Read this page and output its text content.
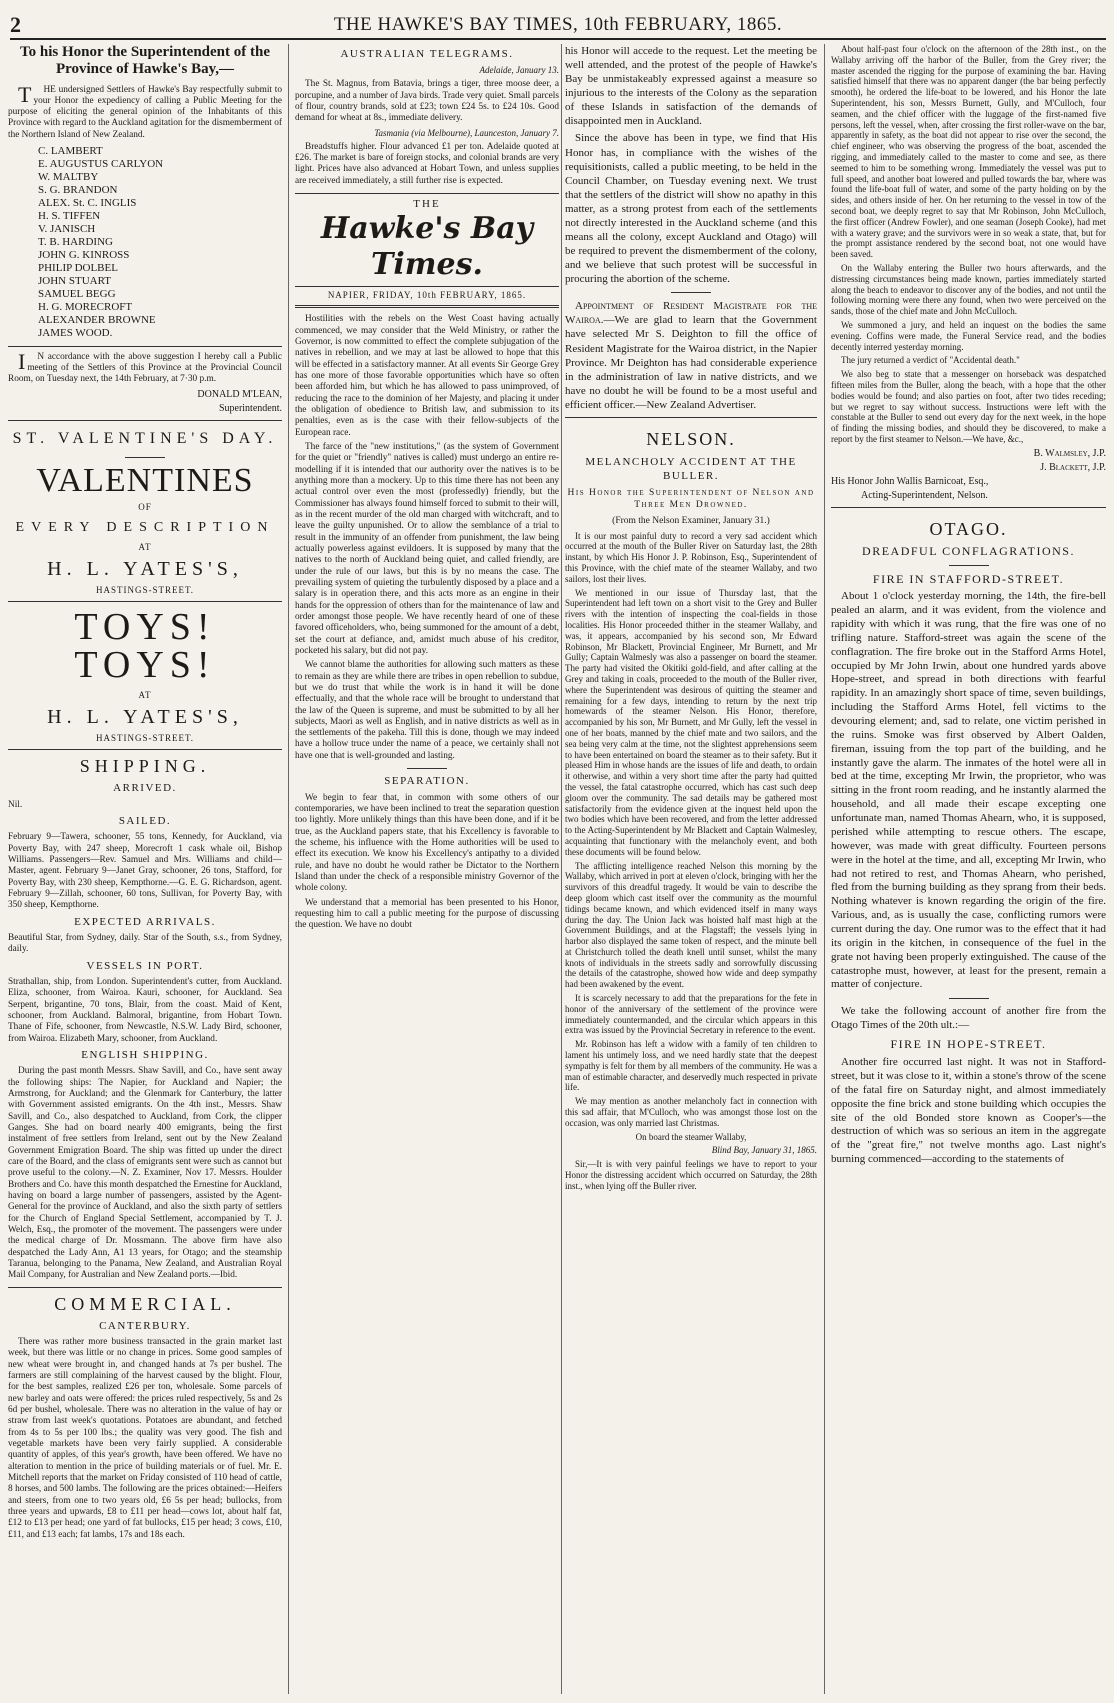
2	THE HAWKE'S BAY TIMES, 10th FEBRUARY, 1865.
To his Honor the Superintendent of the Province of Hawke's Bay,—

THE undersigned Settlers of Hawke's Bay respectfully submit to your Honor the expediency of calling a Public Meeting for the purpose of eliciting the general opinion of the Inhabitants of this Province with regard to the Auckland agitation for the dismemberment of the Northern Island of New Zealand.

C. LAMBERT
E. AUGUSTUS CARLYON
W. MALTBY
S. G. BRANDON
ALEX. St. C. INGLIS
H. S. TIFFEN
V. JANISCH
T. B. HARDING
JOHN G. KINROSS
PHILIP DOLBEL
JOHN STUART
SAMUEL BEGG
H. G. MORECROFT
ALEXANDER BROWNE
JAMES WOOD.

IN accordance with the above suggestion I hereby call a Public meeting of the Settlers of this Province at the Provincial Council Room, on Tuesday next, the 14th February, at 7·30 p.m.

DONALD M'LEAN,
Superintendent.
ST. VALENTINE'S DAY.
VALENTINES
OF
EVERY DESCRIPTION
AT
H. L. YATES'S,
HASTINGS-STREET.
TOYS! TOYS!
AT
H. L. YATES'S,
HASTINGS-STREET.
SHIPPING.
ARRIVED.

Nil.

SAILED.

February 9—Tawera, schooner, 55 tons, Kennedy, for Auckland, via Poverty Bay, with 247 sheep, Morecroft 1 cask whale oil, Bishop Williams. Passengers—Rev. Samuel and Mrs. Williams and child—Master, agent. February 9—Janet Gray, schooner, 26 tons, Stafford, for Poverty Bay, with 230 sheep, Kempthorne.—G. E. G. Richardson, agent. February 9—Zillah, schooner, 60 tons, Sullivan, for Poverty Bay, with 350 sheep, Kempthorne.

EXPECTED ARRIVALS.

Beautiful Star, from Sydney, daily. Star of the South, s.s., from Sydney, daily.

VESSELS IN PORT.

Strathallan, ship, from London. Superintendent's cutter, from Auckland. Eliza, schooner, from Wairoa. Kauri, schooner, for Auckland. Sea Serpent, brigantine, 70 tons, Blair, from the coast. Maid of Kent, schooner, from Auckland. Balmoral, brigantine, from Hobart Town. Thane of Fife, schooner, from Newcastle, N.S.W. Lady Bird, schooner, from Wairoa. Elizabeth Mary, schooner, from Auckland.

ENGLISH SHIPPING.

During the past month Messrs. Shaw Savill, and Co., have sent away the following ships: The Napier, for Auckland and Napier; the Armstrong, for Auckland; and the Glenmark for Canterbury, the latter with Government assisted emigrants. On the 4th inst., Messrs. Shaw Savill, and Co., also despatched to Auckland, from Cork, the clipper Ganges. She had on board nearly 400 emigrants, being the first instalment of free settlers from Ireland, sent out by the New Zealand Government Emigration Board. The ship was fitted up under the direct care of the Board, and the class of emigrants sent were such as cannot but prove useful to the colony.—N. Z. Examiner, Nov 17. Messrs. Houlder Brothers and Co. have this month despatched the Ernestine for Auckland, having on board a large number of passengers, assisted by the Agent-General for the province of Auckland, and also the sixth party of settlers for the Church of England Special Settlement, accompanied by T. J. Welch, Esq., the promoter of the movement. The passengers were under the medical charge of Dr. Mossmann. The above firm have also despatched the Lady Ann, A1 13 years, for Otago; and the steamship Taranua, belonging to the Panama, New Zealand, and Australian Royal Mail Company, for Australian and New Zealand ports.—Ibid.

COMMERCIAL.
CANTERBURY.

There was rather more business transacted in the grain market last week, but there was little or no change in prices. Some good samples of new wheat were brought in, and changed hands at 7s per bushel. The farmers are still complaining of the harvest caused by the blight. Flour, for the best samples, realized £26 per ton, wholesale. Some parcels of new barley and oats were offered: the prices ruled respectively, 5s and 2s 6d per bushel, wholesale. There was no alteration in the value of hay or straw from last week's quotations. Potatoes are abundant, and fetched from 4s to 5s per 100 lbs.; the quality was very good. The fish and vegetable markets have been very fairly supplied. A considerable quantity of apples, of this year's growth, have been offered. We have no alteration to mention in the price of building materials or of fuel. Mr. E. Mitchell reports that the market on Friday consisted of 110 head of cattle, 8 horses, and 500 lambs. The following are the prices obtained:—Heifers and steers, from one to two years old, £6 5s per head; bullocks, from three years and upwards, £8 to £11 per head—cows lot, about half fat, £12 to £13 per head; one yard of fat bullocks, £15 per head; 3 cows, £10, £11, and £13 each; fat lambs, 17s and 18s each.

AUSTRALIAN TELEGRAMS.

Adelaide, January 13.

The St. Magnus, from Batavia, brings a tiger, three moose deer, a porcupine, and a number of Java birds. Trade very quiet. Small parcels of flour, country brands, sold at £23; town £24 5s. to £24 10s. Good demand for wheat at 8s., immediate delivery.

Tasmania (via Melbourne), Launceston, January 7.

Breadstuffs higher. Flour advanced £1 per ton. Adelaide quoted at £26. The market is bare of foreign stocks, and colonial brands are very light. Prices have also advanced at Hobart Town, and unless supplies are received immediately, a still further rise is expected.

THE
Hawke's Bay Times.
NAPIER, FRIDAY, 10th FEBRUARY, 1865.

Hostilities with the rebels on the West Coast having actually commenced, we may consider that the Weld Ministry, or rather the Governor, is now committed to effect the complete subjugation of the natives in rebellion, and we may at last be allowed to hope that this will be effected in a satisfactory manner. At all events Sir George Grey has one more of those favorable opportunities which have so often been afforded him, but which he has allowed to pass unimproved, of reducing the race to the dominion of her Majesty, and placing it under the obligation of obedience to British law, and submission to its penalties, even as is the case with their fellow-subjects of the European race.

The farce of the "new institutions," (as the system of Government for the quiet or "friendly" natives is called) must undergo an entire re-modelling if it is intended that our authority over the natives is to be anything more than a mockery. Up to this time there has not been any actual control over even the most (professedly) friendly, but the Commissioner has always found himself forced to submit to their will, as in the recent murder of the old man charged with witchcraft, and to leave the guilty unpunished. Or to allow the semblance of a trial to result in the immunity of an offender from punishment, the law being actually powerless against evildoers. It is supposed by many that the natives to the north of Auckland being quiet, and called friendly, are under the rule of our laws, but this is by no means the case. The prevailing system of quieting the turbulently disposed by a place and a salary is in operation there, and this acts more as an engine in their hands for the oppression of others than for the maintenance of law and order amongst those people. We have recently heard of one of these favored officeholders, who, being summoned for the amount of a debt, set the court at defiance, and, amidst much abuse of his creditor, pocketed his salary, but did not pay.

We cannot blame the authorities for allowing such matters as these to remain as they are while there are tribes in open rebellion to subdue, but we do trust that while the work is in hand it will be done effectually, and that the whole race will be brought to understand that the law of the Queen is supreme, and must be submitted to by all her subjects, Maori as well as English, and in native districts as well as in the settlements of the pakeha. Till this is done, though we may indeed have a hollow truce under the name of a peace, we certainly shall not have one that is well-grounded and lasting.

SEPARATION.

We begin to fear that, in common with some others of our contemporaries, we have been inclined to treat the separation question too lightly. More unlikely things than this have been done, and if it be true, as the Auckland papers state, that his Excellency is favorable to the scheme, his influence with the Home authorities will be used to effect its execution. We know his Excellency's antipathy to a divided rule, and have no doubt he would rather be Dictator to the Northern Island than under the check of a responsible ministry Governor of the whole colony.

We understand that a memorial has been presented to his Honor, requesting him to call a public meeting for the purpose of discussing the question. We have no doubt

his Honor will accede to the request. Let the meeting be well attended, and the protest of the people of Hawke's Bay be unmistakeably expressed against a measure so injurious to the interests of the Colony as the separation of these Islands in satisfaction of the demands of disappointed men in Auckland.

Since the above has been in type, we find that His Honor has, in compliance with the wishes of the requisitionists, called a public meeting, to be held in the Council Chamber, on Tuesday evening next. We trust that the settlers of the district will show no apathy in this matter, as a strong protest from each of the settlements not directly interested in the Auckland scheme (and this means all the colony, except Auckland and Otago) will be required to prevent the dismemberment of the colony, and we believe that such protest will be successful in procuring the abortion of the scheme.

Appointment of Resident Magistrate for the Wairoa.—We are glad to learn that the Government have selected Mr S. Deighton to fill the office of Resident Magistrate for the Wairoa district, in the Napier Province. Mr Deighton has had considerable experience in the administration of law in native districts, and we have no doubt he will be found to be a most useful and efficient officer.—New Zealand Advertiser.

NELSON.
MELANCHOLY ACCIDENT AT THE BULLER.
His Honor the Superintendent of Nelson and Three Men Drowned.

(From the Nelson Examiner, January 31.)

It is our most painful duty to record a very sad accident which occurred at the mouth of the Buller River on Saturday last, the 28th instant, by which His Honor J. P. Robinson, Esq., Superintendent of this Province, with the chief mate of the steamer Wallaby, and two sailors, lost their lives.

We mentioned in our issue of Thursday last, that the Superintendent had left town on a short visit to the Grey and Buller rivers with the intention of inspecting the coal-fields in those localities. His Honor proceeded thither in the steamer Wallaby, and was, it appears, accompanied by his second son, Mr Edward Robinson, Mr Blackett, Provincial Engineer, Mr Burnett, and Mr Gully; Captain Walmesly was also a passenger on board the steamer. The party had visited the Okitiki gold-field, and after calling at the Grey and taking in coals, proceeded to the mouth of the Buller river, where the Superintendent was desirous of quitting the steamer and remaining for a few days, intending to return by the next trip homewards of the steamer Nelson. His Honor, therefore, accompanied by his son, Mr Burnett, and Mr Gully, left the vessel in one of her boats, manned by the chief mate and two sailors, and the sea being very calm at the time, not the slightest apprehensions seem to have been entertained on board the steamer as to their safety. But it pleased Him in whose hands are the issues of life and death, to ordain it otherwise, and within a very short time after the party had quitted the vessel, the fatal catastrophe occurred, which has cast such deep gloom over the community. The sad details may be gathered most satisfactorily from the evidence given at the inquest held upon the two bodies which have been recovered, and from the letter addressed to the Acting-Superintendent by Mr Blackett and Captain Walmesley, acquainting that functionary with the melancholy event, and both these documents will be found below.

The afflicting intelligence reached Nelson this morning by the Wallaby, which arrived in port at eleven o'clock, bringing with her the survivors of this dreadful tragedy. It would be vain to describe the deep gloom which cast itself over the community as the mournful tidings became known, and which evidenced itself in many ways during the day. The Union Jack was hoisted half mast high at the Government Buildings, and at the Flagstaff; the vessels lying in harbor also displayed the same token of respect, and the minute bell at Christchurch tolled the death knell until sunset, whilst the many knots of individuals in the streets sadly and sorrowfully discussing the details of the catastrophe, showed how wide and deep sympathy had been awakened by the event.

It is scarcely necessary to add that the preparations for the fete in honor of the anniversary of the settlement of the province were immediately countermanded, and the circular which appears in this extra was issued by the Provincial Secretary in reference to the event.

Mr. Robinson has left a widow with a family of ten children to lament his untimely loss, and we need hardly state that the deepest sympathy is felt for them by all members of the community. He was a man of estimable character, and deservedly much respected in private life.

We may mention as another melancholy fact in connection with this sad affair, that M'Culloch, who was amongst those lost on the occasion, was only married last Christmas.

On board the steamer Wallaby,

Blind Bay, January 31, 1865.

Sir,—It is with very painful feelings we have to report to your Honor the distressing accident which occurred on Saturday, the 28th inst., when lying off the Buller river.

About half-past four o'clock on the afternoon of the 28th inst., on the Wallaby arriving off the harbor of the Buller, from the Grey river; the master ascended the rigging for the purpose of examining the bar. Having satisfied himself that there was no apparent danger (the bar being perfectly smooth), he ordered the life-boat to be lowered, and his Honor the late Superintendent, his son, Messrs Burnett, Gully, and M'Culloch, four seamen, and the chief officer with the luggage of the first-named five persons, left the vessel, when, after crossing the first roller-wave on the bar, apparently in safety, as the boat did not appear to rise over the second, the chief engineer, who was observing the progress of the boat, ascended the rigging, and immediately called to the master to come and see, as there seemed to him to be something wrong. Immediately the vessel was put to full speed, and another boat lowered and pulled towards the bar, where was found the life-boat full of water, and some of the party holding on by the sides, and others inside of her. On her returning to the vessel in tow of the second boat, we deeply regret to say that Mr Robinson, John McCulloch, the first officer (Andrew Fowler), and one seaman (Joseph Cooke), had met with a watery grave; and the survivors were in so weak a state, that, but for the prompt assistance rendered by the second boat, not one would have been saved.

On the Wallaby entering the Buller two hours afterwards, and the distressing circumstances being made known, parties immediately started along the beach to endeavor to discover any of the bodies, and not until the following morning were there any found, when two were perceived on the sands, those of the chief mate and John McCulloch.

We summoned a jury, and held an inquest on the bodies the same evening. Coffins were made, the Funeral Service read, and the bodies decently interred yesterday morning.

The jury returned a verdict of "Accidental death."

We also beg to state that a messenger on horseback was despatched fifteen miles from the Buller, along the beach, with a hope that the other bodies would be found; and also parties on foot, after two tides receding; but we regret to say without success. Instructions were left with the constable at the Buller to send out every day for the next week, in the hope of finding the missing bodies, and should they be discovered, to make a report by the first steamer to Nelson.—We have, &c.,

B. Walmsley, J.P.
J. Blackett, J.P.
His Honor John Wallis Barnicoat, Esq.,
Acting-Superintendent, Nelson.
OTAGO.
DREADFUL CONFLAGRATIONS.
FIRE IN STAFFORD-STREET.

About 1 o'clock yesterday morning, the 14th, the fire-bell pealed an alarm, and it was evident, from the violence and rapidity with which it was rung, that the fire was one of no trifling nature. Stafford-street was again the scene of the conflagration. The fire broke out in the Stafford Arms Hotel, occupied by Mr John Irwin, about one hundred yards above Hope-street, and spread in both directions with fearful rapidity. In an amazingly short space of time, seven buildings, including the Stafford Arms Hotel, fell victims to the devouring element; and, sad to relate, one victim perished in the ruins. Smoke was first observed by Albert Oalden, fireman, issuing from the top part of the building, and he instantly gave the alarm. The inmates of the hotel were all in bed at the time, excepting Mr Irwin, the proprietor, who was sitting in the front room reading, and he instantly alarmed the household, and all made their escape excepting one unfortunate man, named Thomas Ahearn, who, it is supposed, perished while attempting to rescue others. The escape, however, was made with great difficulty. Fourteen persons were in the hotel at the time, and all, excepting Mr Irwin, who had not retired to rest, and Thomas Ahearn, who perished, fled from the burning building as they sprang from their beds. Nothing whatever is known regarding the origin of the fire. Various, and, as is usually the case, conflicting rumors were current during the day. One rumor was to the effect that it had its origin in the kitchen, in consequence of the fuel in the grate not having been properly extinguished. The cause of the catastrophe must, however, at least for the present, remain a matter of conjecture.

We take the following account of another fire from the Otago Times of the 20th ult.:—

FIRE IN HOPE-STREET.

Another fire occurred last night. It was not in Stafford-street, but it was close to it, within a stone's throw of the scene of the fatal fire on Saturday night, and almost immediately opposite the fine brick and stone building which occupies the site of the old Bonded store known as Cooper's—the destruction of which was so serious an item in the aggregate of the "great fire," not twelve months ago. Last night's burning commenced—according to the statements of
